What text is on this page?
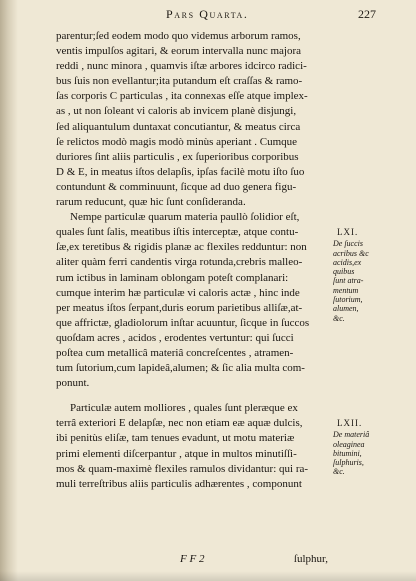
Pars Quarta.	227
parentur;ſed eodem modo quo videmus arborum ramos,
ventis impulſos agitari, & eorum intervalla nunc majora
reddi , nunc minora , quamvis iſtæ arbores idcirco radici-
bus ſuis non evellantur;ita putandum eſt craſſas & ramo-
ſas corporis C particulas , ita connexas eſſe atque implex-
as , ut non ſoleant vi caloris ab invicem planè disjungi,
ſed aliquantulum duntaxat concutiantur, & meatus circa
ſe relictos modò magis modò minùs aperiant . Cumque
duriores ſint aliis particulis , ex ſuperioribus corporibus
D & E, in meatus iſtos delapſis, ipſas facilè motu iſto ſuo
contundunt & comminuunt, ſicque ad duo genera figu-
rarum reducunt, quæ hic ſunt conſideranda.
Nempe particulæ quarum materia paullò ſolidior eſt,
quales ſunt ſalis, meatibus iſtis interceptæ, atque contu-
ſæ,ex teretibus & rigidis planæ ac flexiles redduntur: non
aliter quàm ferri candentis virga rotunda,crebris malleo-
rum ictibus in laminam oblongam poteſt complanari:
cumque interim hæ particulæ vi caloris actæ , hinc inde
per meatus iſtos ſerpant,duris eorum parietibus alliſæ,at-
que affrictæ, gladiolorum inſtar acuuntur, ſicque in ſuccos
quoſdam acres , acidos , erodentes vertuntur: qui ſucci
poſtea cum metallicâ materiâ concreſcentes , atramen-
tum ſutorium,cum lapideâ,alumen; & ſic alia multa com-
ponunt.
Particulæ autem molliores , quales ſunt pleræque ex
terrâ exteriori E delapſæ, nec non etiam eæ aquæ dulcis,
ibi penitùs eliſæ, tam tenues evadunt, ut motu materiæ
primi elementi diſcerpantur , atque in multos minutiſſi-
mos & quam-maximè flexiles ramulos dividantur: qui ra-
muli terreſtribus aliis particulis adhærentes , componunt
LXI.
De ſuccis
acribus &c
acidis,ex
quibus
ſunt atra-
mentum
ſutorium,
alumen,
&c.
LXII.
De materiâ
oleaginea
bitumini,
ſulphuris,
&c.
F F 2	ſulphur,
